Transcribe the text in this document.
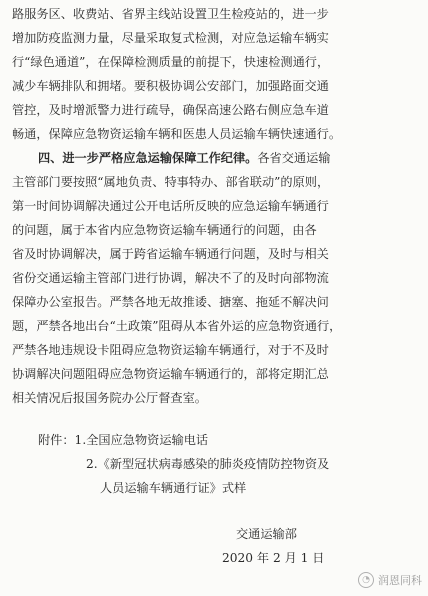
路服务区、收费站、省界主线站设置卫生检疫站的，进一步
增加防疫监测力量，尽量采取复式检测，对应急运输车辆实
行“绿色通道”，在保障检测质量的前提下，快速检测通行，
减少车辆排队和拥堵。要积极协调公安部门，加强路面交通
管控，及时增派警力进行疏导，确保高速公路右侧应急车道
畅通，保障应急物资运输车辆和医患人员运输车辆快速通行。
四、进一步严格应急运输保障工作纪律。各省交通运输
主管部门要按照“属地负责、特事特办、部省联动”的原则，
第一时间协调解决通过公开电话所反映的应急运输车辆通行
的问题，属于本省内应急物资运输车辆通行的问题，由各
省及时协调解决，属于跨省运输车辆通行问题，及时与相关
省份交通运输主管部门进行协调，解决不了的及时向部物流
保障办公室报告。严禁各地无故推诿、搪塞、拖延不解决问
题，严禁各地出台“土政策”阻碍从本省外运的应急物资通行，
严禁各地违规设卡阻碍应急物资运输车辆通行，对于不及时
协调解决问题阻碍应急物资运输车辆通行的，部将定期汇总
相关情况后报国务院办公厅督查室。
附件：1.全国应急物资运输电话
2.《新型冠状病毒感染的肺炎疫情防控物资及
人员运输车辆通行证》式样
交通运输部
2020 年 2 月 1 日
◔ 润恩同科
